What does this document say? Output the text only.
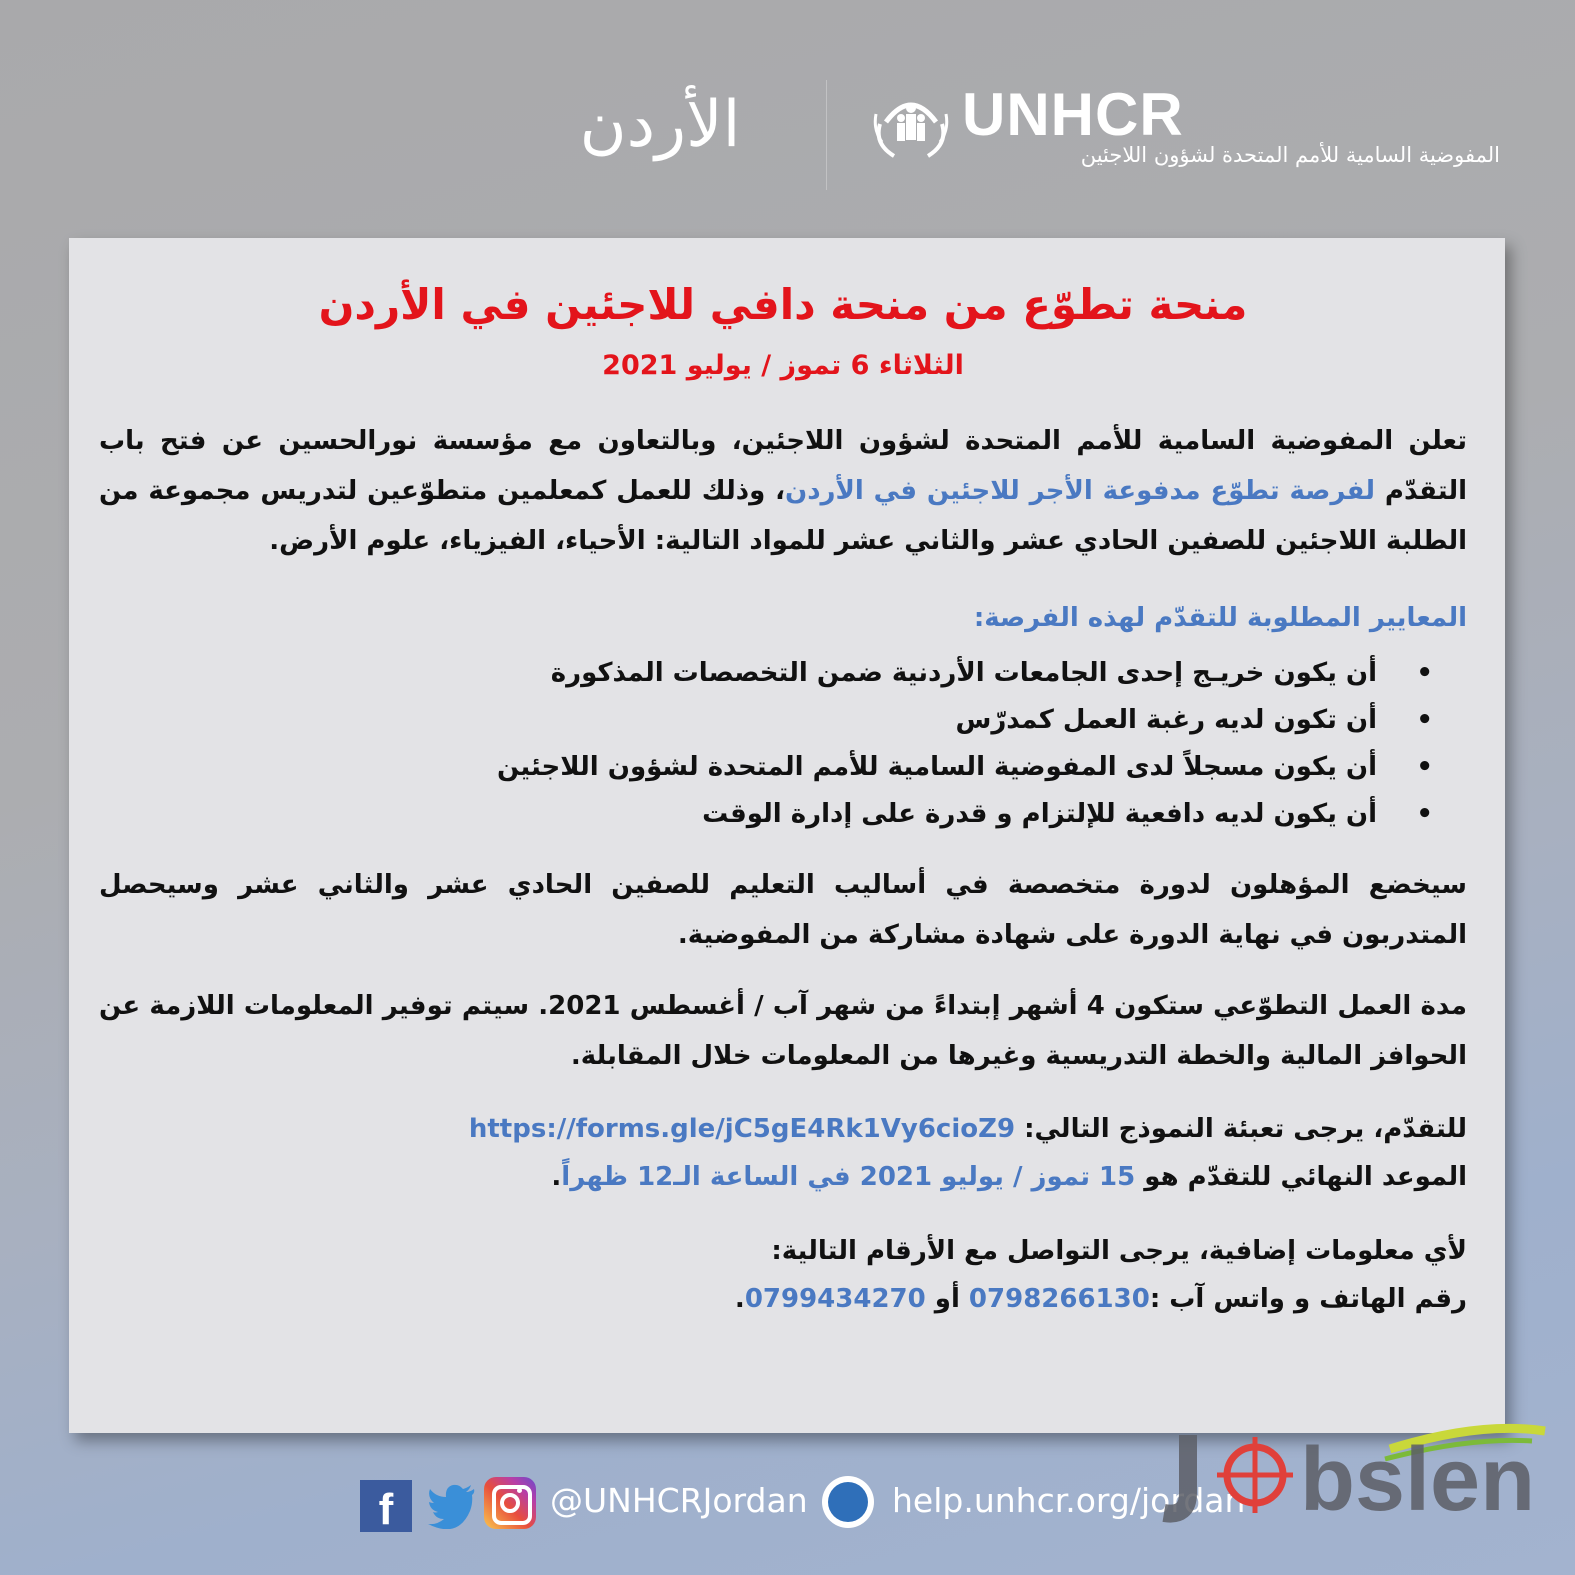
الأردن	UNHCR
المفوضية السامية للأمم المتحدة لشؤون اللاجئين
منحة تطوّع من منحة دافي للاجئين في الأردن
الثلاثاء 6 تموز / يوليو 2021
تعلن المفوضية السامية للأمم المتحدة لشؤون اللاجئين، وبالتعاون مع مؤسسة نورالحسين عن فتح باب التقدّم لفرصة تطوّع مدفوعة الأجر للاجئين في الأردن، وذلك للعمل كمعلمين متطوّعين لتدريس مجموعة من الطلبة اللاجئين للصفين الحادي عشر والثاني عشر للمواد التالية: الأحياء، الفيزياء، علوم الأرض.
المعايير المطلوبة للتقدّم لهذه الفرصة:
•
أن يكون خريـج إحدى الجامعات الأردنية ضمن التخصصات المذكورة
•
أن تكون لديه رغبة العمل كمدرّس
•
أن يكون مسجلاً لدى المفوضية السامية للأمم المتحدة لشؤون اللاجئين
•
أن يكون لديه دافعية للإلتزام و قدرة على إدارة الوقت
سيخضع المؤهلون لدورة متخصصة في أساليب التعليم للصفين الحادي عشر والثاني عشر وسيحصل المتدربون في نهاية الدورة على شهادة مشاركة من المفوضية.
مدة العمل التطوّعي ستكون 4 أشهر إبتداءً من شهر آب / أغسطس 2021. سيتم توفير المعلومات اللازمة عن الحوافز المالية والخطة التدريسية وغيرها من المعلومات خلال المقابلة.
للتقدّم، يرجى تعبئة النموذج التالي: https://forms.gle/jC5gE4Rk1Vy6cioZ9
الموعد النهائي للتقدّم هو 15 تموز / يوليو 2021 في الساعة الـ12 ظهراً.
لأي معلومات إضافية، يرجى التواصل مع الأرقام التالية:
رقم الهاتف و واتس آب :0798266130 أو 0799434270.
f	@UNHCRJordan	help.unhcr.org/jordan bslen
